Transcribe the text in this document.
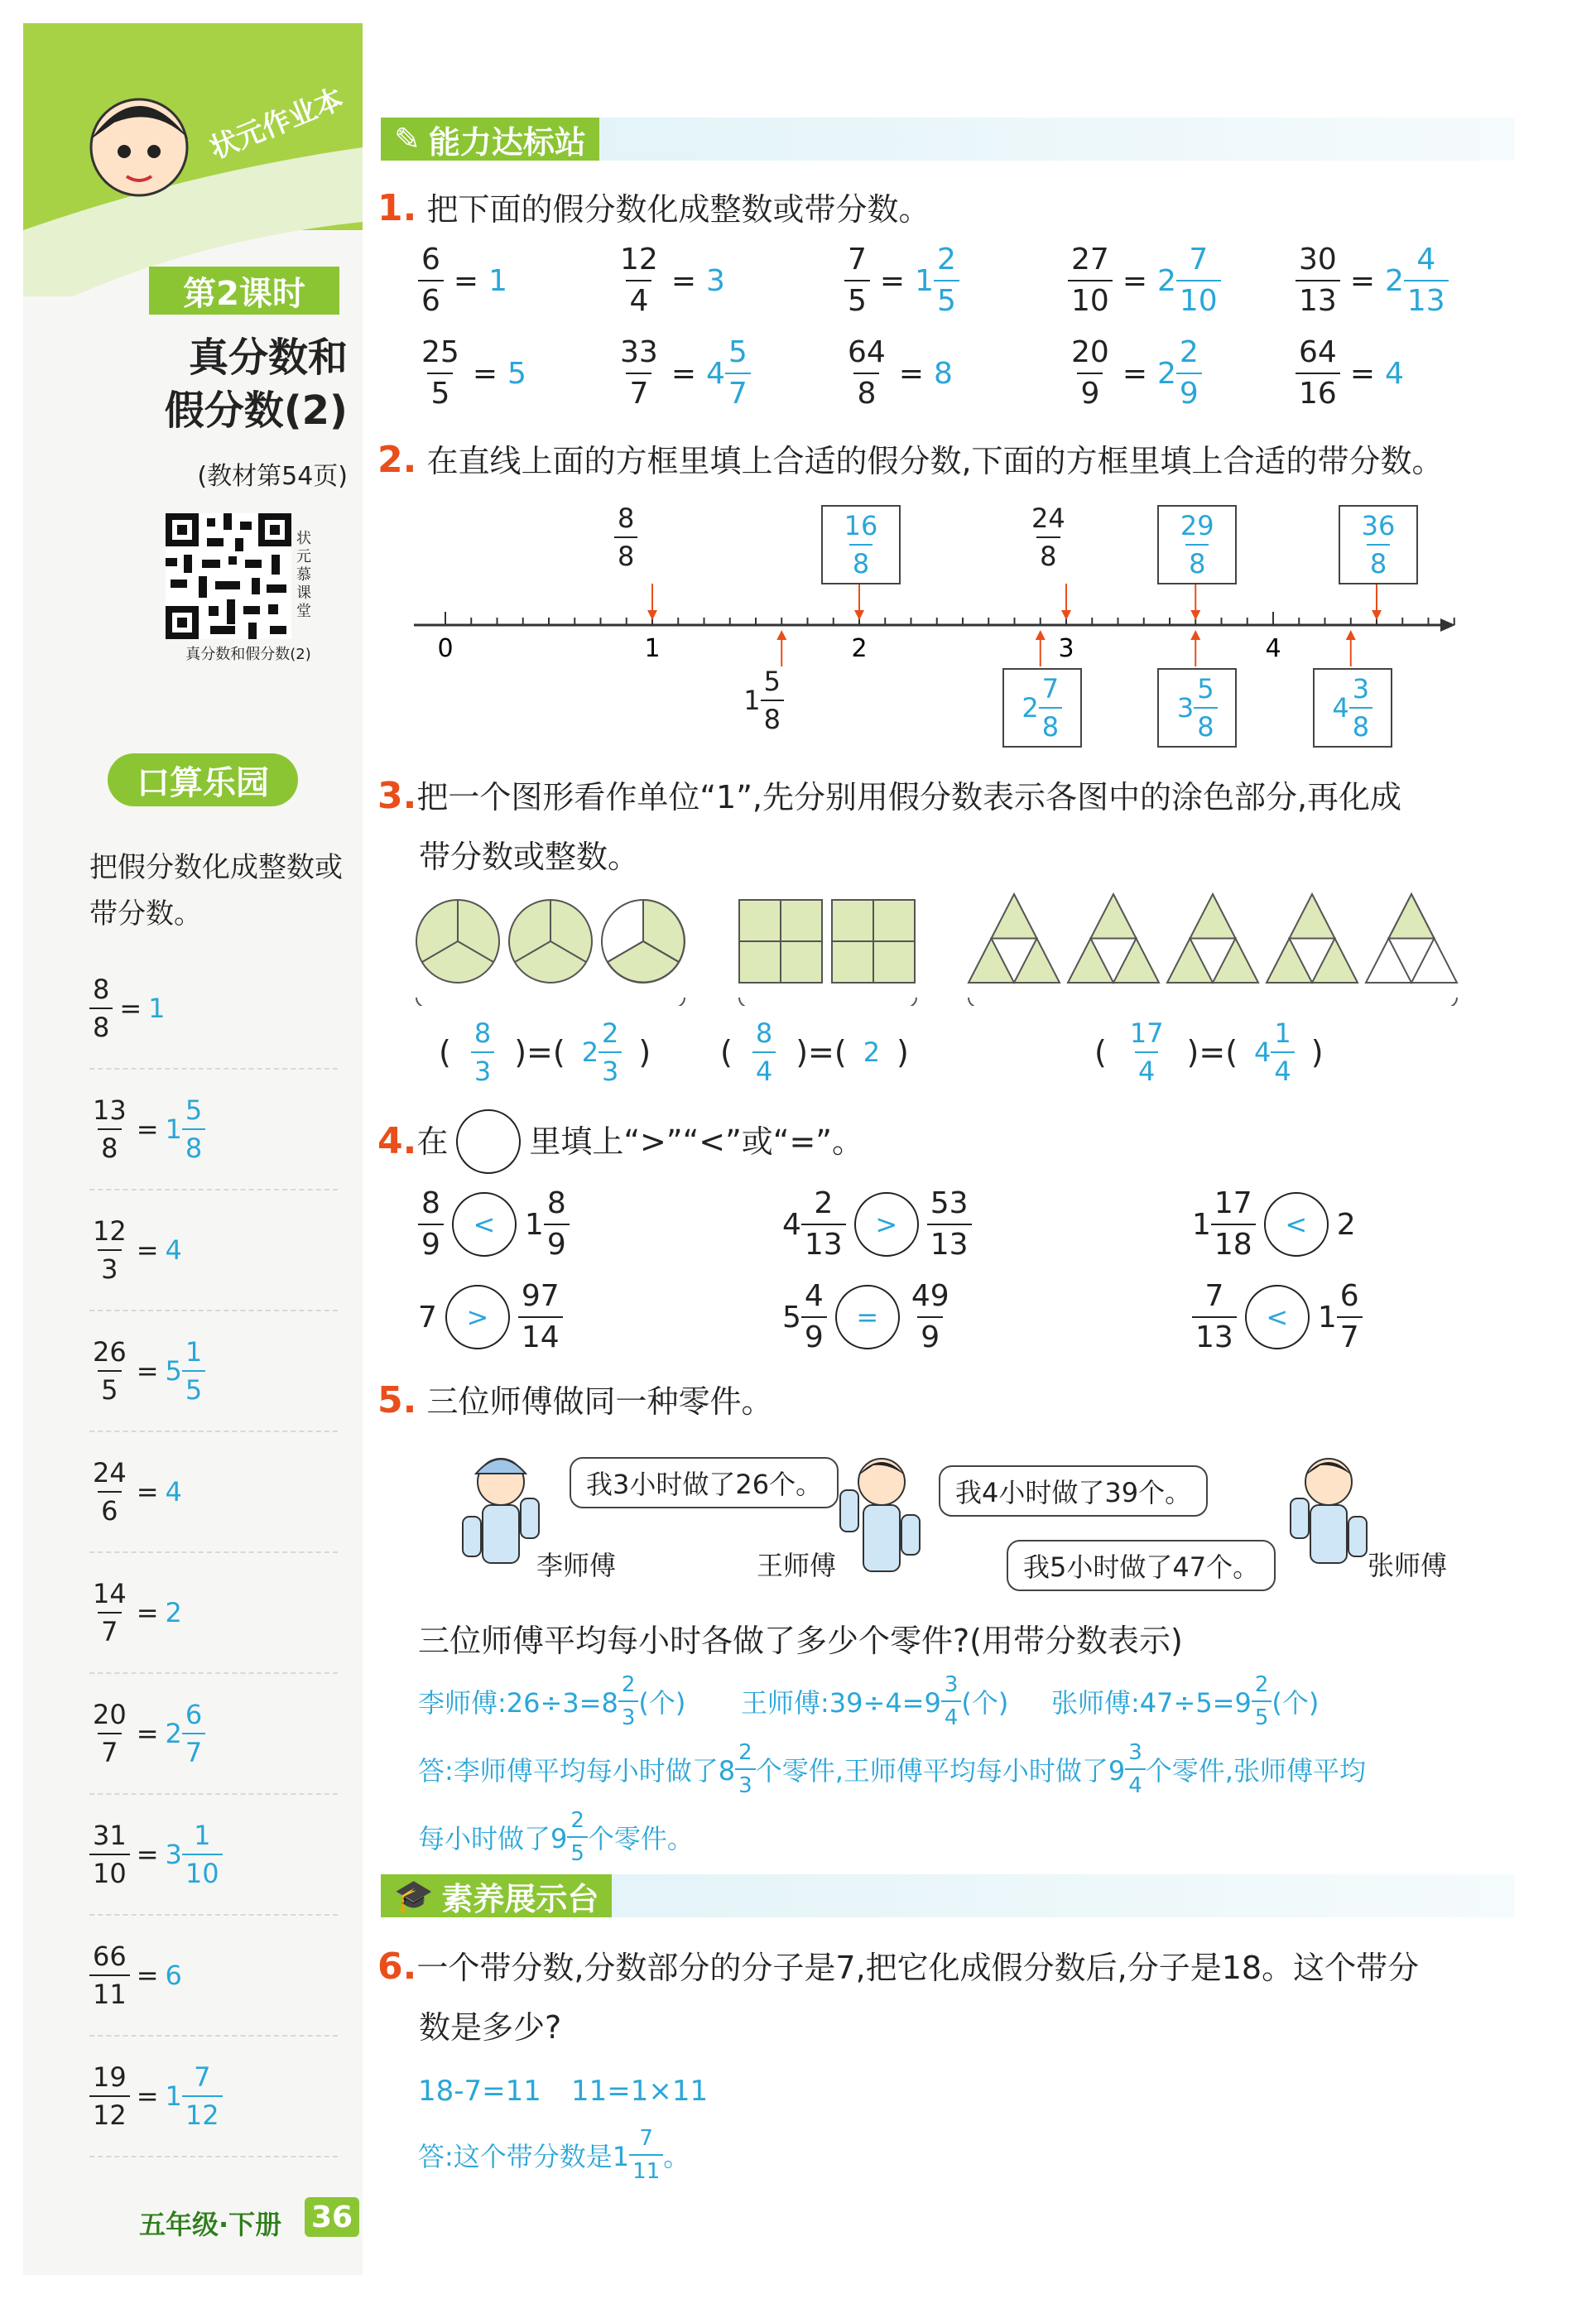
状元作业本
第2课时
真分数和
假分数(2)
(教材第54页)
状元慕课堂
真分数和假分数(2)
口算乐园
把假分数化成整数或带分数。
五年级·下册 36
✎ 能力达标站
1. 把下面的假分数化成整数或带分数。
2. 在直线上面的方框里填上合适的假分数,下面的方框里填上合适的带分数。
0	1	2	3	4
3.把一个图形看作单位“1”,先分别用假分数表示各图中的涂色部分,再化成
带分数或整数。
4. 在	里填上“>”“<”或“=”。
5. 三位师傅做同一种零件。
我3小时做了26个。	我4小时做了39个。
我5小时做了47个。
李师傅	王师傅	张师傅
三位师傅平均每小时各做了多少个零件?(用带分数表示)
🎓 素养展示台
6.一个带分数,分数部分的分子是7,把它化成假分数后,分子是18。这个带分
数是多少?
18-7=11 11=1×11
$\frac{8}{8} = 1$
$\frac{13}{8} = 1 \frac{5}{8}$
$\frac{12}{3} = 4$
$\frac{26}{5} = 5 \frac{1}{5}$
$\frac{24}{6} = 4$
$\frac{14}{7} = 2$
$\frac{20}{7} = 2 \frac{6}{7}$
$\frac{31}{10} = 3 \frac{1}{10}$
$\frac{66}{11} = 6$
$\frac{19}{12} = 1 \frac{7}{12}$
$\frac{6}{6} = 1$	$\frac{12}{4} = 3$	$\frac{7}{5} = 1 \frac{2}{5}$	$\frac{27}{10} = 2 \frac{7}{10}$	$\frac{30}{13} = 2 \frac{4}{13}$
$\frac{25}{5} = 5$	$\frac{33}{7} = 4 \frac{5}{7}$	$\frac{64}{8} = 8$	$\frac{20}{9} = 2 \frac{2}{9}$	$\frac{64}{16} = 4$
$\frac{8}{8}$	$\frac{16}{8}$	$\frac{24}{8}$	$\frac{29}{8}$	$\frac{36}{8}$
$1 \frac{5}{8}$	$2 \frac{7}{8}$	$3 \frac{5}{8}$	$4 \frac{3}{8}$
( $\frac{8}{3}$ )=( $2 \frac{2}{3}$ ) ( $\frac{8}{4}$ )=( 2 )	( $\frac{17}{4}$ )=( $4 \frac{1}{4}$ )
$\frac{8}{9}$	< $1 \frac{8}{9}$	$4 \frac{2}{13}$	> $\frac{53}{13}$	$1 \frac{17}{18}$	< 2
7	> $\frac{97}{14}$	$5 \frac{4}{9}$	= $\frac{49}{9}$	$\frac{7}{13}$	< $1 \frac{6}{7}$
李师傅:26÷3=8 $\frac{2}{3}$ (个) 王师傅:39÷4=9 $\frac{3}{4}$ (个) 张师傅:47÷5=9 $\frac{2}{5}$ (个)
答:李师傅平均每小时做了$8 \frac{2}{3}$ 个零件,王师傅平均每小时做了$9 \frac{3}{4}$ 个零件,张师傅平均
每小时做了$9 \frac{2}{5}$ 个零件。
答:这个带分数是$1 \frac{7}{11}$ 。
